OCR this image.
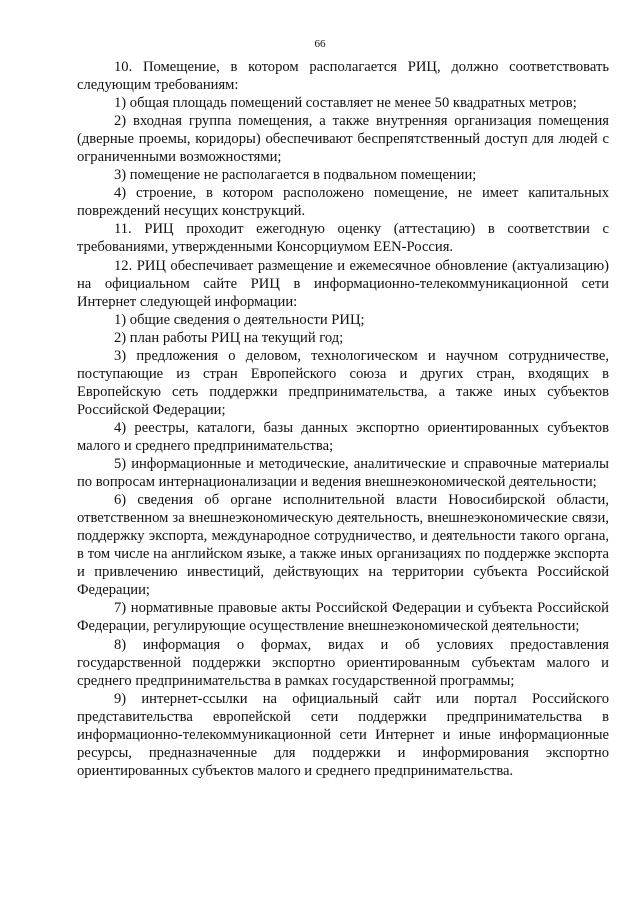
66

10. Помещение, в котором располагается РИЦ, должно соответствовать следующим требованиям:

1) общая площадь помещений составляет не менее 50 квадратных метров;

2) входная группа помещения, а также внутренняя организация помещения (дверные проемы, коридоры) обеспечивают беспрепятственный доступ для людей с ограниченными возможностями;

3) помещение не располагается в подвальном помещении;

4) строение, в котором расположено помещение, не имеет капитальных повреждений несущих конструкций.

11. РИЦ проходит ежегодную оценку (аттестацию) в соответствии с требованиями, утвержденными Консорциумом EEN-Россия.

12. РИЦ обеспечивает размещение и ежемесячное обновление (актуализацию) на официальном сайте РИЦ в информационно-телекоммуникационной сети Интернет следующей информации:

1) общие сведения о деятельности РИЦ;

2) план работы РИЦ на текущий год;

3) предложения о деловом, технологическом и научном сотрудничестве, поступающие из стран Европейского союза и других стран, входящих в Европейскую сеть поддержки предпринимательства, а также иных субъектов Российской Федерации;

4) реестры, каталоги, базы данных экспортно ориентированных субъектов малого и среднего предпринимательства;

5) информационные и методические, аналитические и справочные материалы по вопросам интернационализации и ведения внешнеэкономической деятельности;

6) сведения об органе исполнительной власти Новосибирской области, ответственном за внешнеэкономическую деятельность, внешнеэкономические связи, поддержку экспорта, международное сотрудничество, и деятельности такого органа, в том числе на английском языке, а также иных организациях по поддержке экспорта и привлечению инвестиций, действующих на территории субъекта Российской Федерации;

7) нормативные правовые акты Российской Федерации и субъекта Российской Федерации, регулирующие осуществление внешнеэкономической деятельности;

8) информация о формах, видах и об условиях предоставления государственной поддержки экспортно ориентированным субъектам малого и среднего предпринимательства в рамках государственной программы;

9) интернет-ссылки на официальный сайт или портал Российского представительства европейской сети поддержки предпринимательства в информационно-телекоммуникационной сети Интернет и иные информационные ресурсы, предназначенные для поддержки и информирования экспортно ориентированных субъектов малого и среднего предпринимательства.
